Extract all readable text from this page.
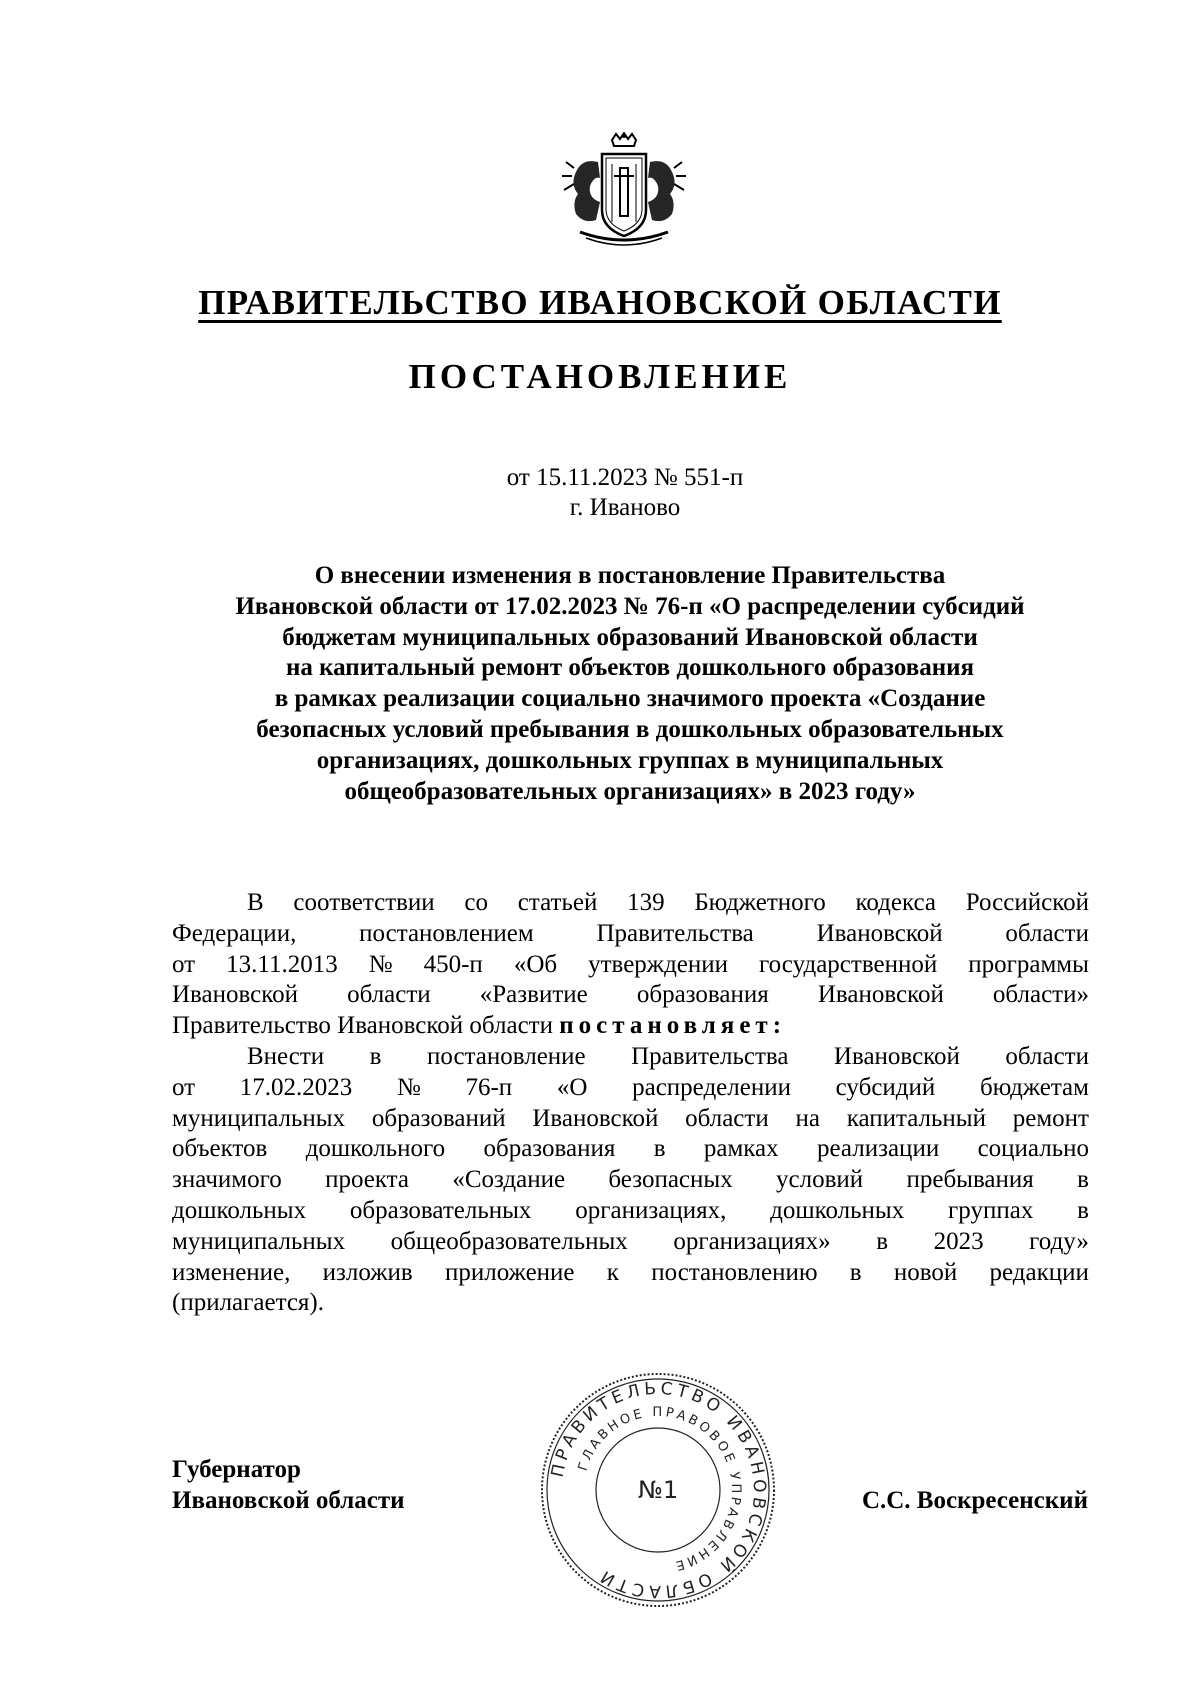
ПРАВИТЕЛЬСТВО ИВАНОВСКОЙ ОБЛАСТИ
ПОСТАНОВЛЕНИЕ
от 15.11.2023 № 551-п
г. Иваново
О внесении изменения в постановление Правительства
Ивановской области от 17.02.2023 № 76-п «О распределении субсидий
бюджетам муниципальных образований Ивановской области
на капитальный ремонт объектов дошкольного образования
в рамках реализации социально значимого проекта «Создание
безопасных условий пребывания в дошкольных образовательных
организациях, дошкольных группах в муниципальных
общеобразовательных организациях» в 2023 году»
В соответствии со статьей 139 Бюджетного кодекса Российской
Федерации,	постановлением	Правительства	Ивановской	области
от 13.11.2013 № 450-п «Об утверждении государственной программы
Ивановской области «Развитие образования Ивановской области»
Правительство Ивановской области постановляет:
Внести в постановление Правительства Ивановской области
от 17.02.2023 № 76-п «О распределении субсидий бюджетам
муниципальных образований Ивановской области на капитальный ремонт
объектов дошкольного образования в рамках реализации социально
значимого проекта «Создание безопасных условий пребывания в
дошкольных образовательных организациях, дошкольных группах в
муниципальных общеобразовательных организациях» в 2023 году»
изменение, изложив приложение к постановлению в новой редакции
(прилагается).
Губернатор
Ивановской области	С.С. Воскресенский
ПРАВИТЕЛЬСТВО ИВАНОВСКОЙ ОБЛАСТИ
ГЛАВНОЕ ПРАВОВОЕ УПРАВЛЕНИЕ
№1
